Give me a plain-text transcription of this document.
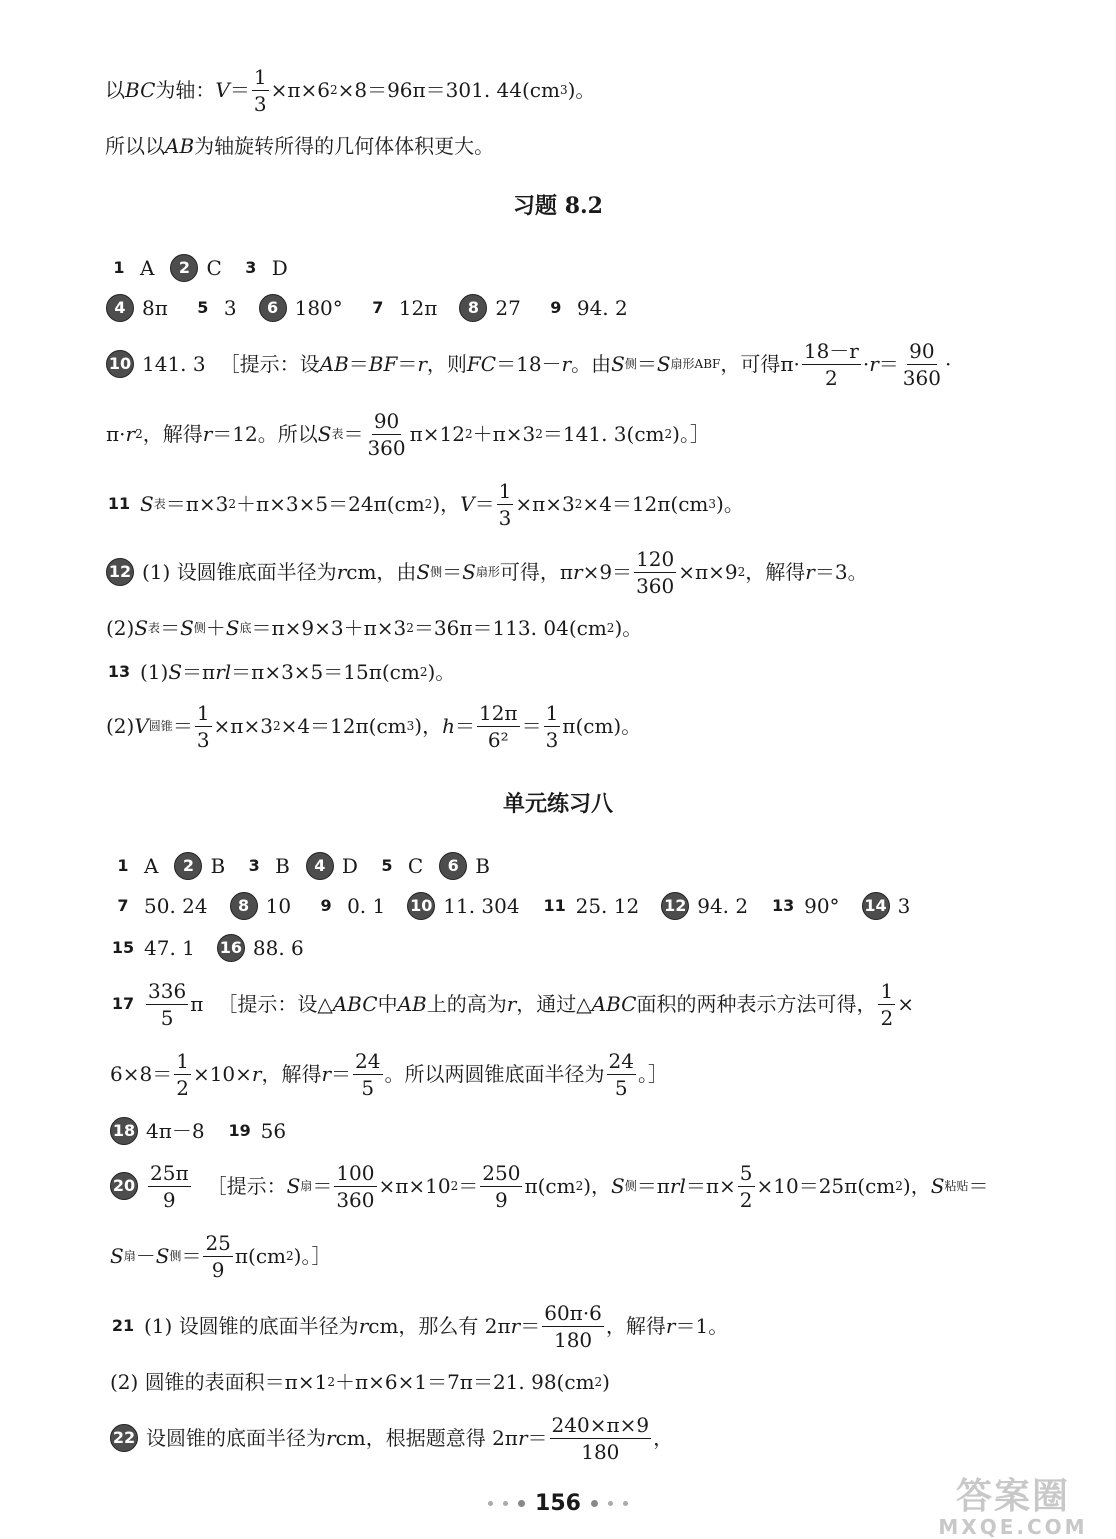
以 BC 为轴： $V = \frac{1}{3} \times\pi\times 6$ 2 ×8＝96π＝301. 44(cm 3 )。
所以以 AB 为轴旋转所得的几何体体积更大。
习题 8.2
1 A	2 C	3 D
4 8π	5 3	6 180°	7 12π	8 27	9 94. 2
10 141. 3 ［提示：设 AB ＝ BF ＝ r ，则 FC ＝18－ r 。由 S 侧 ＝ S 扇形ABF ，可得$\pi\cdot \frac{18-r}{2} \cdot r = \frac{90}{360}$ ·
π· r 2 ，解得 r ＝12。所以 S 表 ＝ $\frac{90}{360} \pi\times 12$ 2 ＋π×3 2 ＝141. 3(cm 2 )。］
11 S 表 ＝π×3 2 ＋π×3×5＝24π(cm 2 )， $V = \frac{1}{3} \times\pi\times 3$ 2 ×4＝12π(cm 3 )。
12 (1) 设圆锥底面半径为 r cm，由 S 侧 ＝ S 扇形 可得，π $r \times 9= \frac{120}{360} \times\pi\times 9$ 2 ，解得 r ＝3。
(2) S 表 ＝ S 侧 ＋ S 底 ＝π×9×3＋π×3 2 ＝36π＝113. 04(cm 2 )。
13 (1) S ＝π rl ＝π×3×5＝15π(cm 2 )。
(2) V 圆锥 ＝ $\frac{1}{3} \times\pi\times 3$ 2 ×4＝12π(cm 3 )， $h = \frac{12\pi}{\text{6²}} = \frac{1}{3} \pi(cm)$。
单元练习八
1 A	2 B	3 B	4 D	5 C	6 B
7 50. 24	8 10	9 0. 1 10 11. 304 11 25. 12 12 94. 2 13 90° 14 3
15 47. 1 16 88. 6
$17 \frac{336}{5}$ π ［提示：设△ ABC 中 AB 上的高为 r ，通过△ ABC 面积的两种表示方法可得， $\frac{1}{2}$ ×
$6\times 8= \frac{1}{2} \times 10\times r$ ，解得 $r = \frac{24}{5}$ 。所以两圆锥底面半径为 $\frac{24}{5}$ 。］
18 4π－8 19 56
$20 \frac{25\pi}{9}$ ［提示： S 扇 ＝ $\frac{100}{360} \times\pi\times 10$ $2 = \frac{250}{9} \pi(cm$ 2 )， S 侧 ＝π rl $=\pi\times \frac{5}{2} \times 10=25\pi(cm$ 2 )， S 粘贴 ＝
S 扇 － S 侧 ＝ $\frac{25}{9} \pi(cm$ 2 )。］
21 (1) 设圆锥的底面半径为 r cm，那么有 2π $r = \frac{60\pi\cdot 6}{180}$ ，解得 r ＝1。
(2) 圆锥的表面积＝π×1 2 ＋π×6×1＝7π＝21. 98(cm 2 )
22 设圆锥的底面半径为 r cm，根据题意得 2π $r = \frac{240\times\pi\times 9}{180}$ ，
156	答案圈
MXQE.COM
